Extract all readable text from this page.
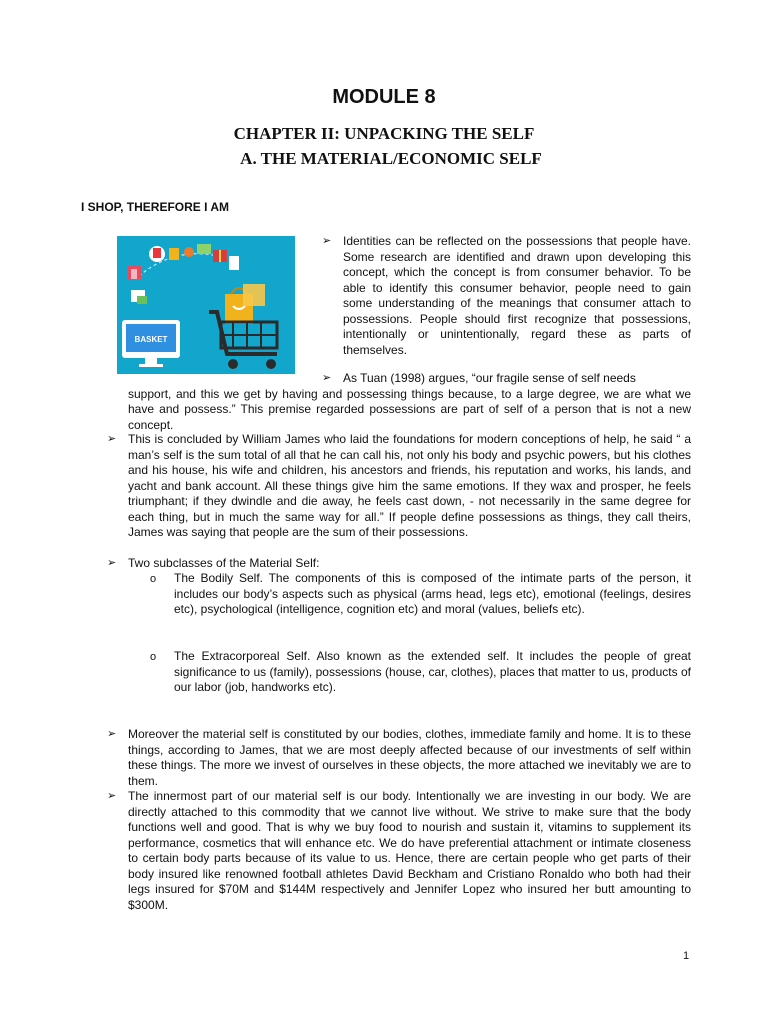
MODULE 8
CHAPTER II: UNPACKING THE SELF
A. THE MATERIAL/ECONOMIC SELF
I SHOP, THEREFORE I AM
BASKET
➢ Identities can be reflected on the possessions that people have. Some research are identified and drawn upon developing this concept, which the concept is from consumer behavior. To be able to identify this consumer behavior, people need to gain some understanding of the meanings that consumer attach to possessions. People should first recognize that possessions, intentionally or unintentionally, regard these as parts of themselves.
➢ As Tuan (1998) argues, “our fragile sense of self needs
support, and this we get by having and possessing things because, to a large degree, we are what we have and possess.” This premise regarded possessions are part of self of a person that is not a new concept.
➢ This is concluded by William James who laid the foundations for modern conceptions of help, he said “ a man’s self is the sum total of all that he can call his, not only his body and psychic powers, but his clothes and his house, his wife and children, his ancestors and friends, his reputation and works, his lands, and yacht and bank account. All these things give him the same emotions. If they wax and prosper, he feels triumphant; if they dwindle and die away, he feels cast down, - not necessarily in the same degree for each thing, but in much the same way for all.” If people define possessions as things, they call theirs, James was saying that people are the sum of their possessions.
➢ Two subclasses of the Material Self:
o The Bodily Self. The components of this is composed of the intimate parts of the person, it includes our body’s aspects such as physical (arms head, legs etc), emotional (feelings, desires etc), psychological (intelligence, cognition etc) and moral (values, beliefs etc).
o The Extracorporeal Self. Also known as the extended self. It includes the people of great significance to us (family), possessions (house, car, clothes), places that matter to us, products of our labor (job, handworks etc).
➢ Moreover the material self is constituted by our bodies, clothes, immediate family and home. It is to these things, according to James, that we are most deeply affected because of our investments of self within these things. The more we invest of ourselves in these objects, the more attached we inevitably we are to them.
➢ The innermost part of our material self is our body. Intentionally we are investing in our body. We are directly attached to this commodity that we cannot live without. We strive to make sure that the body functions well and good. That is why we buy food to nourish and sustain it, vitamins to supplement its performance, cosmetics that will enhance etc. We do have preferential attachment or intimate closeness to certain body parts because of its value to us. Hence, there are certain people who get parts of their body insured like renowned football athletes David Beckham and Cristiano Ronaldo who both had their legs insured for $70M and $144M respectively and Jennifer Lopez who insured her butt amounting to $300M.
1
